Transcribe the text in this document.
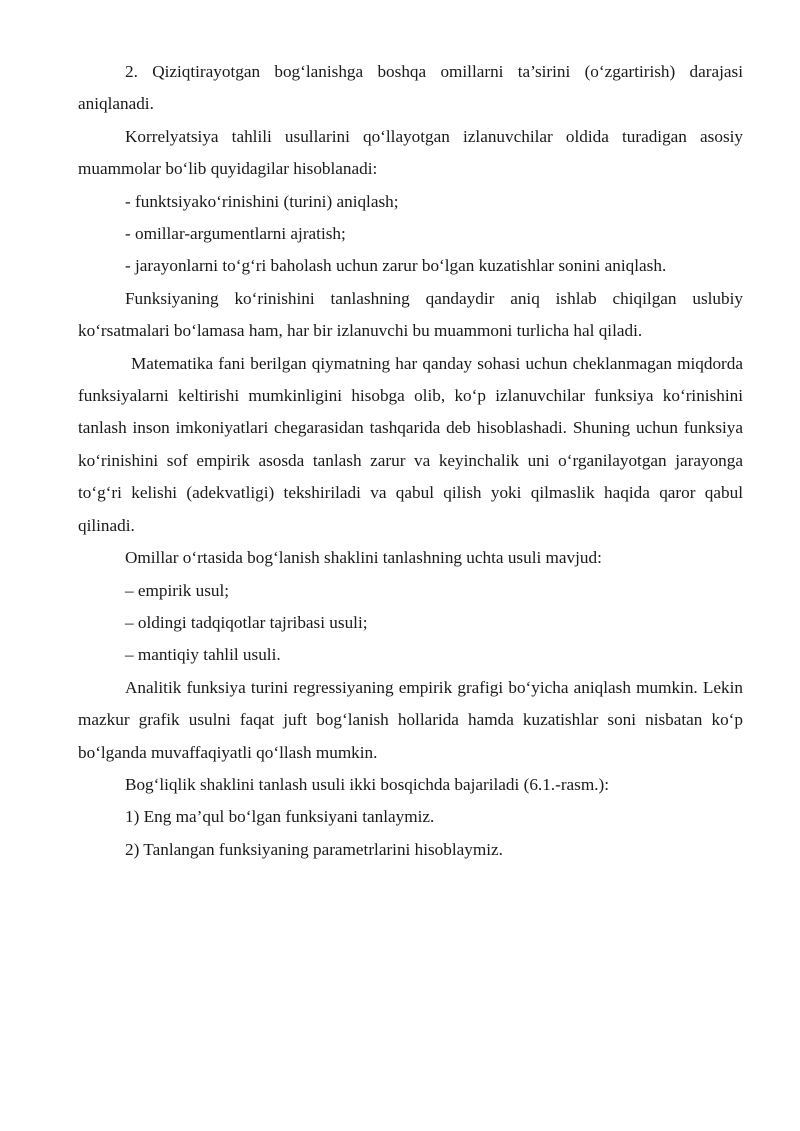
2. Qiziqtirayotgan bog‘lanishga boshqa omillarni ta’sirini (o‘zgartirish) darajasi aniqlanadi.

Korrelyatsiya tahlili usullarini qo‘llayotgan izlanuvchilar oldida turadigan asosiy muammolar bo‘lib quyidagilar hisoblanadi:

- funktsiyako‘rinishini (turini) aniqlash;

- omillar-argumentlarni ajratish;

- jarayonlarni to‘g‘ri baholash uchun zarur bo‘lgan kuzatishlar sonini aniqlash.

Funksiyaning ko‘rinishini tanlashning qandaydir aniq ishlab chiqilgan uslubiy ko‘rsatmalari bo‘lamasa ham, har bir izlanuvchi bu muammoni turlicha hal qiladi.

Matematika fani berilgan qiymatning har qanday sohasi uchun cheklanmagan miqdorda funksiyalarni keltirishi mumkinligini hisobga olib, ko‘p izlanuvchilar funksiya ko‘rinishini tanlash inson imkoniyatlari chegarasidan tashqarida deb hisoblashadi. Shuning uchun funksiya ko‘rinishini sof empirik asosda tanlash zarur va keyinchalik uni o‘rganilayotgan jarayonga to‘g‘ri kelishi (adekvatligi) tekshiriladi va qabul qilish yoki qilmaslik haqida qaror qabul qilinadi.

Omillar o‘rtasida bog‘lanish shaklini tanlashning uchta usuli mavjud:

– empirik usul;

– oldingi tadqiqotlar tajribasi usuli;

– mantiqiy tahlil usuli.

Analitik funksiya turini regressiyaning empirik grafigi bo‘yicha aniqlash mumkin. Lekin mazkur grafik usulni faqat juft bog‘lanish hollarida hamda kuzatishlar soni nisbatan ko‘p bo‘lganda muvaffaqiyatli qo‘llash mumkin.

Bog‘liqlik shaklini tanlash usuli ikki bosqichda bajariladi (6.1.-rasm.):

1) Eng ma’qul bo‘lgan funksiyani tanlaymiz.

2) Tanlangan funksiyaning parametrlarini hisoblaymiz.
